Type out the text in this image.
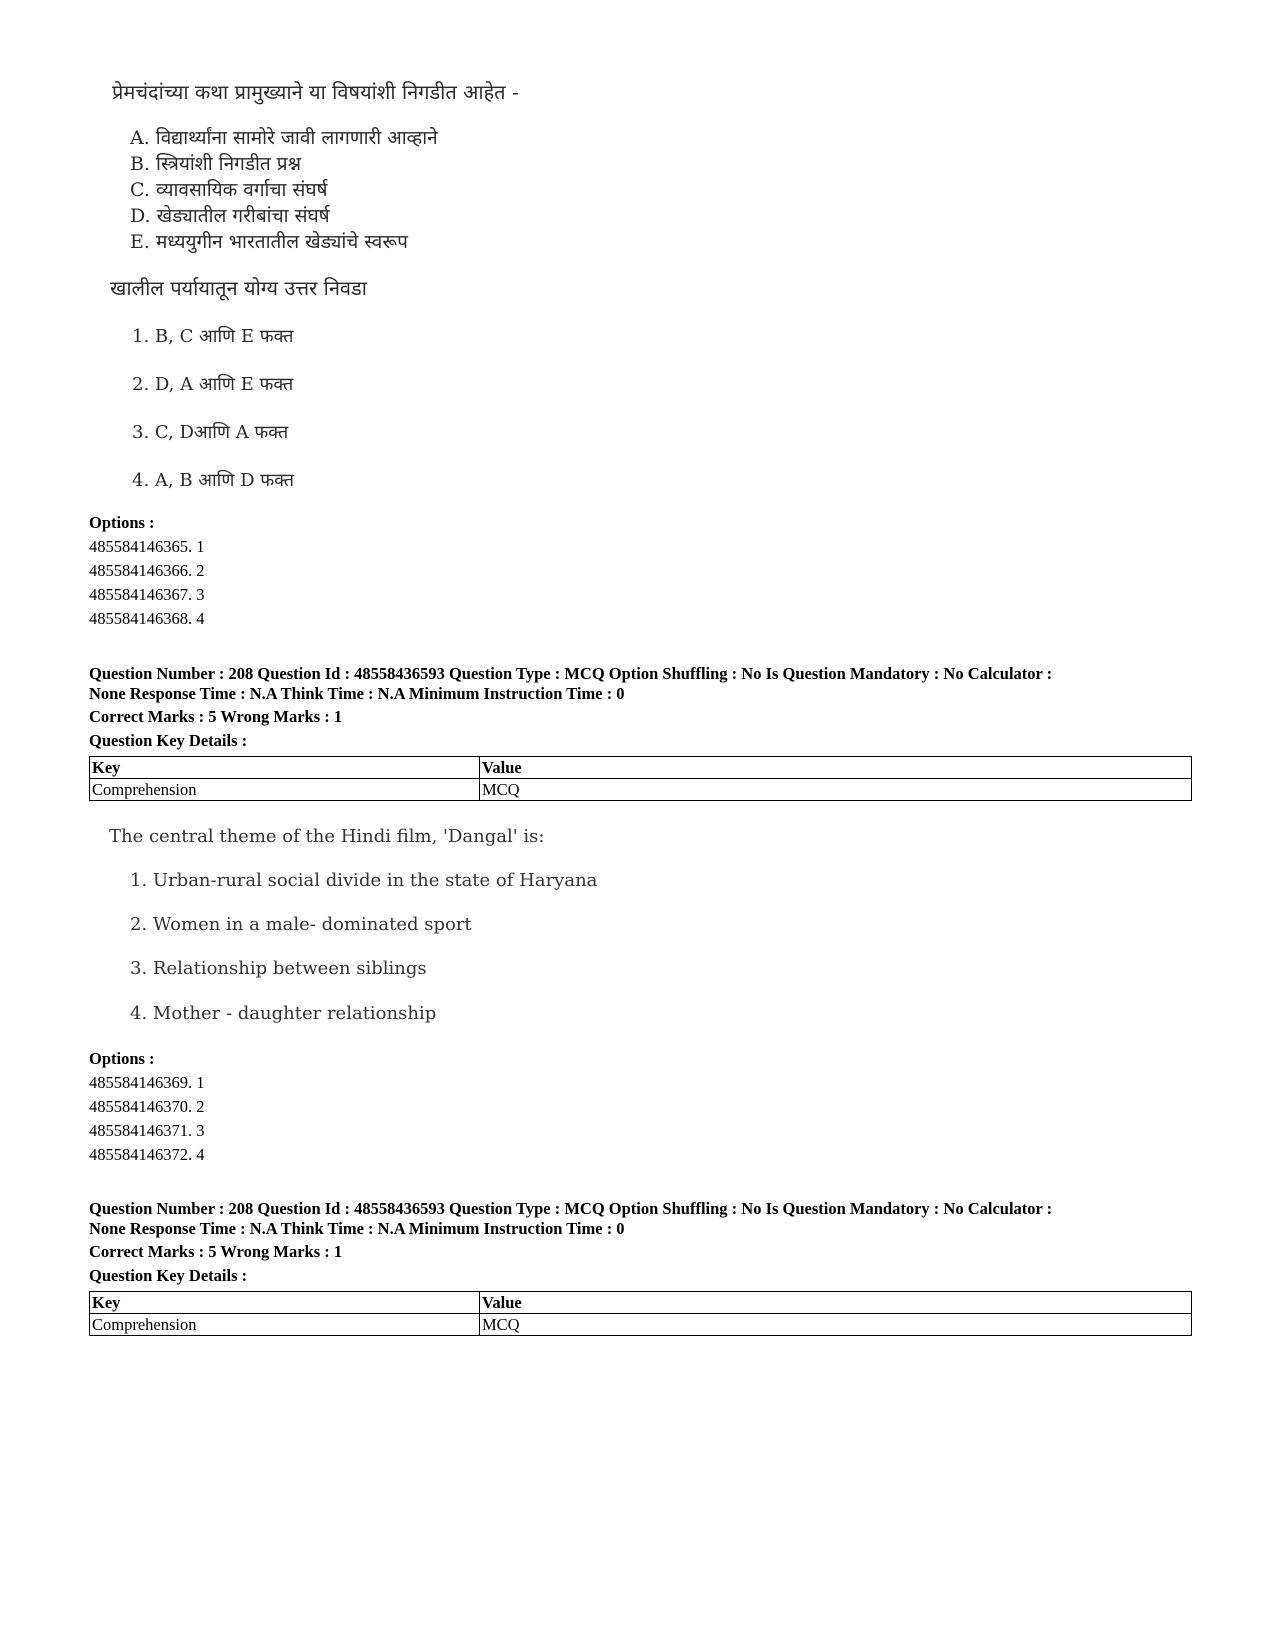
प्रेमचंदांच्या कथा प्रामुख्याने या विषयांशी निगडीत आहेत -
A. विद्यार्थ्यांना सामोरे जावी लागणारी आव्हाने
B. स्त्रियांशी निगडीत प्रश्न
C. व्यावसायिक वर्गाचा संघर्ष
D. खेड्यातील गरीबांचा संघर्ष
E. मध्ययुगीन भारतातील खेड्यांचे स्वरूप
खालील पर्यायातून योग्य उत्तर निवडा
1. B, C आणि E फक्त
2. D, A आणि E फक्त
3. C, Dआणि A फक्त
4. A, B आणि D फक्त
Options :
485584146365. 1
485584146366. 2
485584146367. 3
485584146368. 4
Question Number : 208 Question Id : 48558436593 Question Type : MCQ Option Shuffling : No Is Question Mandatory : No Calculator :
None Response Time : N.A Think Time : N.A Minimum Instruction Time : 0
Correct Marks : 5 Wrong Marks : 1
Question Key Details :
Key	Value
Comprehension	MCQ
The central theme of the Hindi film, 'Dangal' is:
1. Urban-rural social divide in the state of Haryana
2. Women in a male- dominated sport
3. Relationship between siblings
4. Mother - daughter relationship
Options :
485584146369. 1
485584146370. 2
485584146371. 3
485584146372. 4
Question Number : 208 Question Id : 48558436593 Question Type : MCQ Option Shuffling : No Is Question Mandatory : No Calculator :
None Response Time : N.A Think Time : N.A Minimum Instruction Time : 0
Correct Marks : 5 Wrong Marks : 1
Question Key Details :
Key	Value
Comprehension	MCQ
